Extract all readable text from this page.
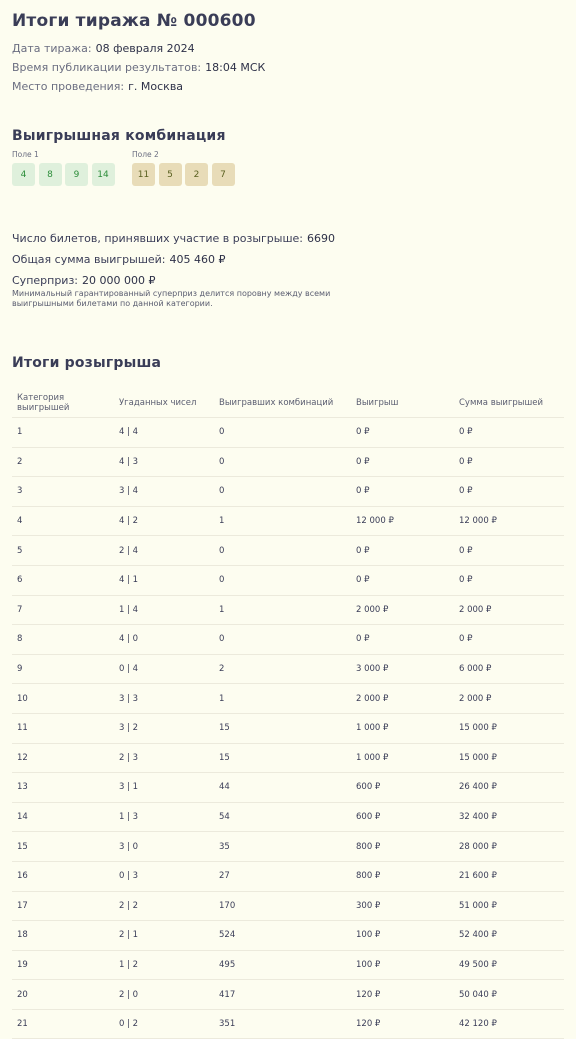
Итоги тиража № 000600
Дата тиража: 08 февраля 2024
Время публикации результатов: 18:04 МСК
Место проведения: г. Москва
Выигрышная комбинация
Поле 1
4	8	9	14
Поле 2
11	5	2	7
Число билетов, принявших участие в розыгрыше: 6690
Общая сумма выигрышей: 405 460 ₽
Суперприз: 20 000 000 ₽
Минимальный гарантированный суперприз делится поровну между всеми выигрышными билетами по данной категории.
Итоги розыгрыша
Категория выигрышей	Угаданных чисел	Выигравших комбинаций	Выигрыш	Сумма выигрышей
1	4 | 4	0	0 ₽	0 ₽
2	4 | 3	0	0 ₽	0 ₽
3	3 | 4	0	0 ₽	0 ₽
4	4 | 2	1	12 000 ₽	12 000 ₽
5	2 | 4	0	0 ₽	0 ₽
6	4 | 1	0	0 ₽	0 ₽
7	1 | 4	1	2 000 ₽	2 000 ₽
8	4 | 0	0	0 ₽	0 ₽
9	0 | 4	2	3 000 ₽	6 000 ₽
10	3 | 3	1	2 000 ₽	2 000 ₽
11	3 | 2	15	1 000 ₽	15 000 ₽
12	2 | 3	15	1 000 ₽	15 000 ₽
13	3 | 1	44	600 ₽	26 400 ₽
14	1 | 3	54	600 ₽	32 400 ₽
15	3 | 0	35	800 ₽	28 000 ₽
16	0 | 3	27	800 ₽	21 600 ₽
17	2 | 2	170	300 ₽	51 000 ₽
18	2 | 1	524	100 ₽	52 400 ₽
19	1 | 2	495	100 ₽	49 500 ₽
20	2 | 0	417	120 ₽	50 040 ₽
21	0 | 2	351	120 ₽	42 120 ₽
